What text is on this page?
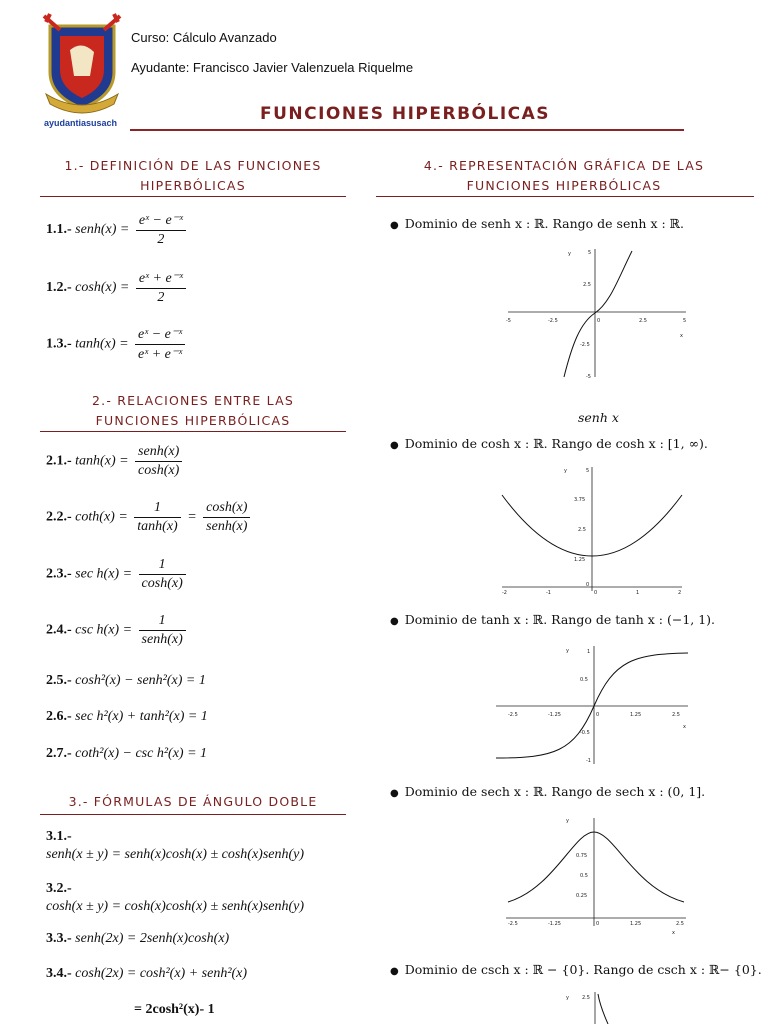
ayudantiasusach
Curso: Cálculo Avanzado
Ayudante: Francisco Javier Valenzuela Riquelme
FUNCIONES HIPERBÓLICAS
1.- DEFINICIÓN DE LAS FUNCIONES
HIPERBÓLICAS
1.1.- senh(x) = $\frac{\text{eˣ − e⁻ˣ}}{2}$
1.2.- $\cosh(x) = \frac{\text{eˣ + e⁻ˣ}}{2}$
1.3.- $\tanh(x) = \frac{\text{eˣ − e⁻ˣ}}{\text{eˣ + e⁻ˣ}}$
2.- RELACIONES ENTRE LAS
FUNCIONES HIPERBÓLICAS
2.1.- $\tanh(x) = \frac{\text{senh(x)}}{\cosh(x)}$
2.2.- $\cot h(x) = \frac{1}{\tanh(x)} = \frac{\cosh(x)}{\text{senh(x)}}$
2.3.- $\sec h(x) = \frac{1}{\cosh(x)}$
2.4.- $\csc h(x) = \frac{1}{\text{senh(x)}}$
2.5.- cosh²(x) − senh²(x) = 1
2.6.- sec h²(x) + tanh²(x) = 1
2.7.- coth²(x) − csc h²(x) = 1
3.- FÓRMULAS DE ÁNGULO DOBLE
3.1.-
senh(x ± y) = senh(x)cosh(x) ± cosh(x)senh(y)
3.2.-
cosh(x ± y) = cosh(x)cosh(x) ± senh(x)senh(y)
3.3.- senh(2x) = 2senh(x)cosh(x)
3.4.- cosh(2x) = cosh²(x) + senh²(x)
= 2cosh²(x)- 1
4.- REPRESENTACIÓN GRÁFICA DE LAS
FUNCIONES HIPERBÓLICAS
● Dominio de senh x : ℝ. Rango de senh x : ℝ.
-5	-2.5	0	2.5	5
5
2.5
-2.5
-5
x
y
senh x
● Dominio de cosh x : ℝ. Rango de cosh x : [1, ∞).
-2	-1	0	1	2
5
3.75
2.5
1.25
0
y
● Dominio de tanh x : ℝ. Rango de tanh x : (−1, 1).
-2.5	-1.25	0	1.25	2.5
1
0.5
-0.5
-1
x
y
● Dominio de sech x : ℝ. Rango de sech x : (0, 1].
-2.5	-1.25	0	1.25	2.5
0.75
0.5
0.25
x
y
● Dominio de csch x : ℝ − {0}. Rango de csch x : ℝ− {0}.
2.5
y
